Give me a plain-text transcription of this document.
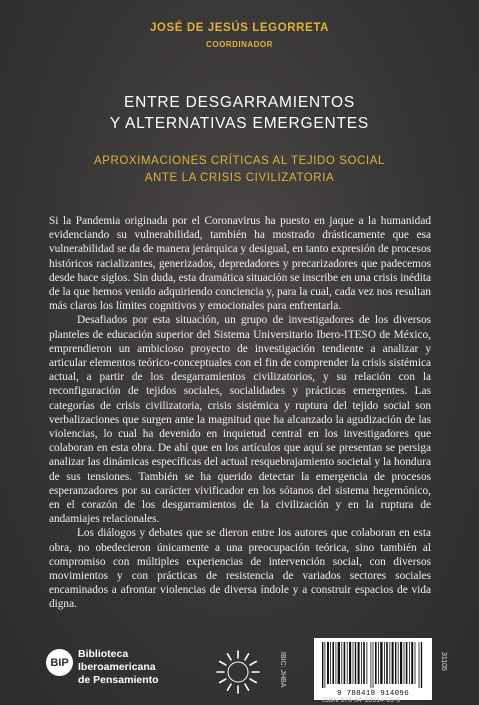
JOSÉ DE JESÚS LEGORRETA
COORDINADOR
ENTRE DESGARRAMIENTOS
Y ALTERNATIVAS EMERGENTES
APROXIMACIONES CRÍTICAS AL TEJIDO SOCIAL
ANTE LA CRISIS CIVILIZATORIA

Si la Pandemia originada por el Coronavirus ha puesto en jaque a la humanidad evidenciando su vulnerabilidad, también ha mostrado drásticamente que esa vulnerabilidad se da de manera jerárquica y desigual, en tanto expresión de procesos históricos racializantes, generizados, depredadores y precarizadores que padecemos desde hace siglos. Sin duda, esta dramática situación se inscribe en una crisis inédita de la que hemos venido adquiriendo conciencia y, para la cual, cada vez nos resultan más claros los límites cognitivos y emocionales para enfrentarla.

Desafiados por esta situación, un grupo de investigadores de los diversos planteles de educación superior del Sistema Universitario Ibero-ITESO de México, emprendieron un ambicioso proyecto de investigación tendiente a analizar y articular elementos teórico-conceptuales con el fin de comprender la crisis sistémica actual, a partir de los desgarramientos civilizatorios, y su relación con la reconfiguración de tejidos sociales, socialidades y prácticas emergentes. Las categorías de crisis civilizatoria, crisis sistémica y ruptura del tejido social son verbalizaciones que surgen ante la magnitud que ha alcanzado la agudización de las violencias, lo cual ha devenido en inquietud central en los investigadores que colaboran en esta obra. De ahí que en los artículos que aquí se presentan se persiga analizar las dinámicas específicas del actual resquebrajamiento societal y la hondura de sus tensiones. También se ha querido detectar la emergencia de procesos esperanzadores por su carácter vivificador en los sótanos del sistema hegemónico, en el corazón de los desgarramientos de la civilización y en la ruptura de andamiajes relacionales.

Los diálogos y debates que se dieron entre los autores que colaboran en esta obra, no obedecieron únicamente a una preocupación teórica, sino también al compromiso con múltiples experiencias de intervención social, con diversos movimientos y con prácticas de resistencia de variados sectores sociales encaminados a afrontar violencias de diversa índole y a construir espacios de vida digna.

BIP
Biblioteca
Iberoamericana
de Pensamiento	IBIC: JHBA
9 788418 914096
31105
ISBN 978-84-18914-09-6
